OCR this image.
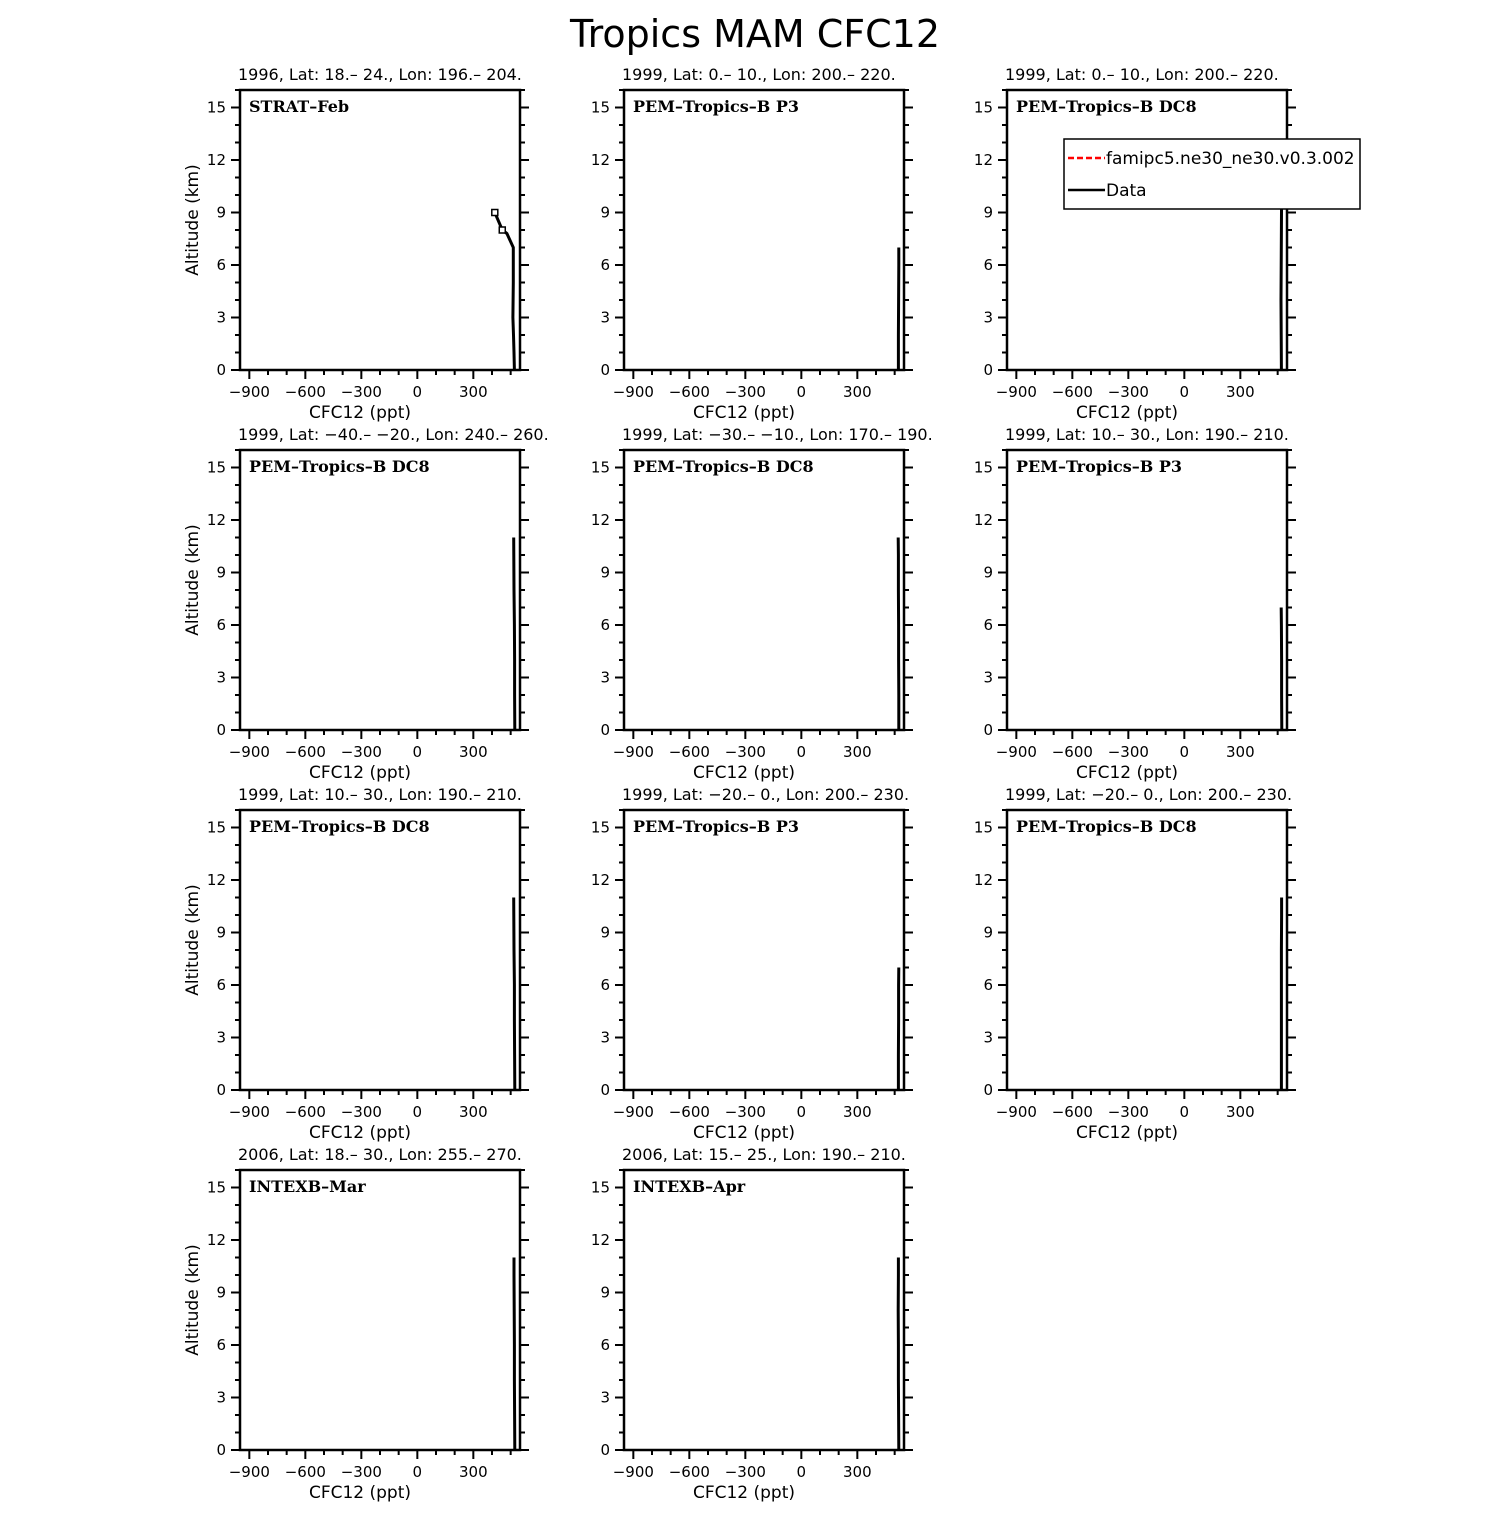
Tropics MAM CFC12
1996, Lat: 18.– 24., Lon: 196.– 204.
STRAT–Feb
0
3
6
9
12
15
−900 −600 −300 0 300
CFC12 (ppt)
Altitude (km)
1999, Lat: 0.– 10., Lon: 200.– 220.
PEM–Tropics–B P3
0
3
6
9
12
15
−900 −600 −300 0 300
CFC12 (ppt)
1999, Lat: 0.– 10., Lon: 200.– 220.
PEM–Tropics–B DC8
0
3
6
9
12
15
−900 −600 −300 0 300
CFC12 (ppt)
1999, Lat: −40.– −20., Lon: 240.– 260.
PEM–Tropics–B DC8
0
3
6
9
12
15
−900 −600 −300 0 300
CFC12 (ppt)
Altitude (km)
1999, Lat: −30.– −10., Lon: 170.– 190.
PEM–Tropics–B DC8
0
3
6
9
12
15
−900 −600 −300 0 300
CFC12 (ppt)
1999, Lat: 10.– 30., Lon: 190.– 210.
PEM–Tropics–B P3
0
3
6
9
12
15
−900 −600 −300 0 300
CFC12 (ppt)
1999, Lat: 10.– 30., Lon: 190.– 210.
PEM–Tropics–B DC8
0
3
6
9
12
15
−900 −600 −300 0 300
CFC12 (ppt)
Altitude (km)
1999, Lat: −20.– 0., Lon: 200.– 230.
PEM–Tropics–B P3
0
3
6
9
12
15
−900 −600 −300 0 300
CFC12 (ppt)
1999, Lat: −20.– 0., Lon: 200.– 230.
PEM–Tropics–B DC8
0
3
6
9
12
15
−900 −600 −300 0 300
CFC12 (ppt)
2006, Lat: 18.– 30., Lon: 255.– 270.
INTEXB–Mar
0
3
6
9
12
15
−900 −600 −300 0 300
CFC12 (ppt)
Altitude (km)
2006, Lat: 15.– 25., Lon: 190.– 210.
INTEXB–Apr
0
3
6
9
12
15
−900 −600 −300 0 300
CFC12 (ppt)
famipc5.ne30_ne30.v0.3.002
Data
